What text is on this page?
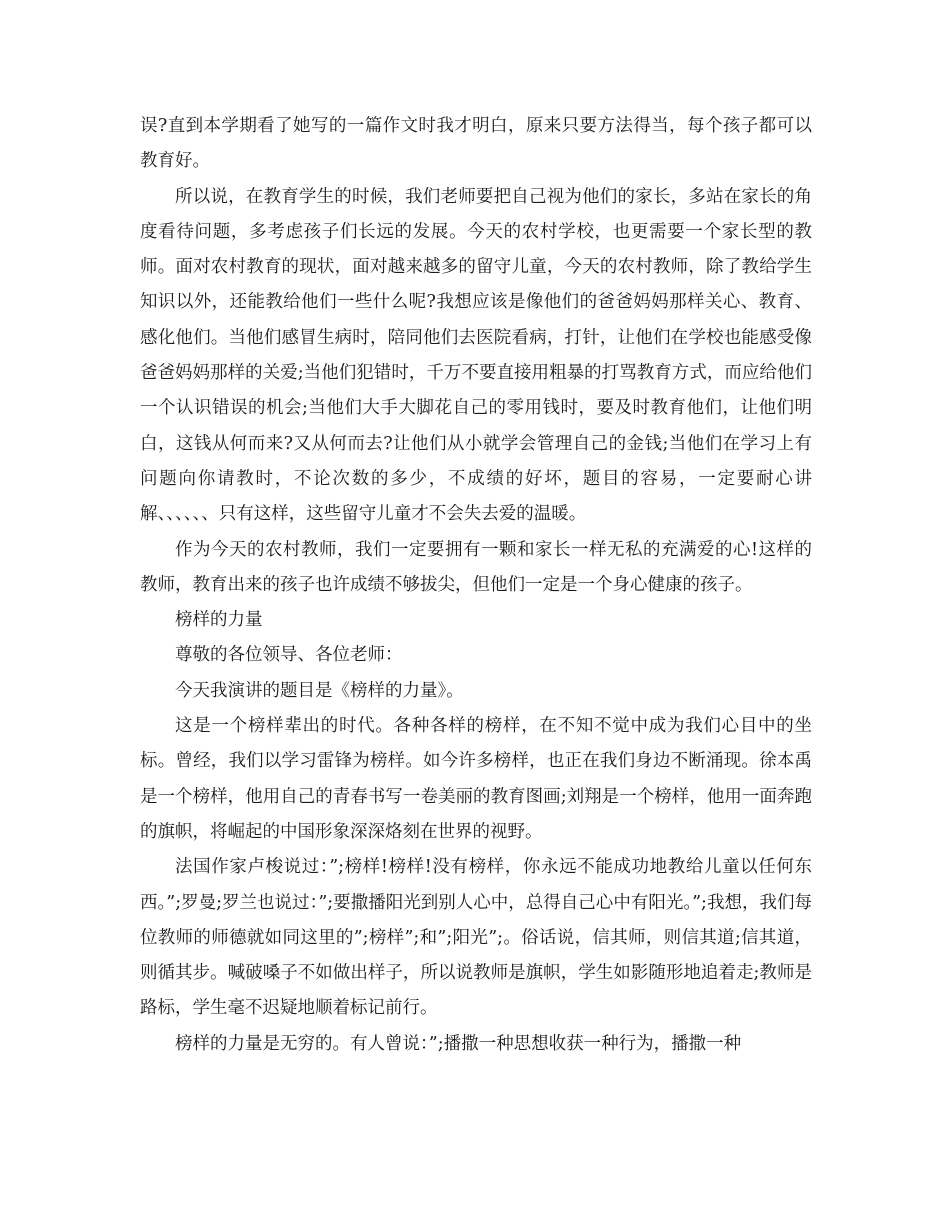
误?直到本学期看了她写的一篇作文时我才明白，原来只要方法得当，每个孩子都可以教育好。

所以说，在教育学生的时候，我们老师要把自己视为他们的家长，多站在家长的角度看待问题，多考虑孩子们长远的发展。今天的农村学校，也更需要一个家长型的教师。面对农村教育的现状，面对越来越多的留守儿童，今天的农村教师，除了教给学生知识以外，还能教给他们一些什么呢?我想应该是像他们的爸爸妈妈那样关心、教育、感化他们。当他们感冒生病时，陪同他们去医院看病，打针，让他们在学校也能感受像爸爸妈妈那样的关爱;当他们犯错时，千万不要直接用粗暴的打骂教育方式，而应给他们一个认识错误的机会;当他们大手大脚花自己的零用钱时，要及时教育他们，让他们明白，这钱从何而来?又从何而去?让他们从小就学会管理自己的金钱;当他们在学习上有问题向你请教时，不论次数的多少，不成绩的好坏，题目的容易，一定要耐心讲解、、、、、、只有这样，这些留守儿童才不会失去爱的温暖。

作为今天的农村教师，我们一定要拥有一颗和家长一样无私的充满爱的心!这样的教师，教育出来的孩子也许成绩不够拔尖，但他们一定是一个身心健康的孩子。

榜样的力量

尊敬的各位领导、各位老师：

今天我演讲的题目是《榜样的力量》。

这是一个榜样辈出的时代。各种各样的榜样，在不知不觉中成为我们心目中的坐标。曾经，我们以学习雷锋为榜样。如今许多榜样，也正在我们身边不断涌现。徐本禹是一个榜样，他用自己的青春书写一卷美丽的教育图画;刘翔是一个榜样，他用一面奔跑的旗帜，将崛起的中国形象深深烙刻在世界的视野。

法国作家卢梭说过：”;榜样!榜样!没有榜样，你永远不能成功地教给儿童以任何东西。”;罗曼;罗兰也说过：”;要撒播阳光到别人心中，总得自己心中有阳光。”;我想，我们每位教师的师德就如同这里的”;榜样”;和”;阳光”;。俗话说，信其师，则信其道;信其道，则循其步。喊破嗓子不如做出样子，所以说教师是旗帜，学生如影随形地追着走;教师是路标，学生毫不迟疑地顺着标记前行。

榜样的力量是无穷的。有人曾说：”;播撒一种思想收获一种行为，播撒一种
